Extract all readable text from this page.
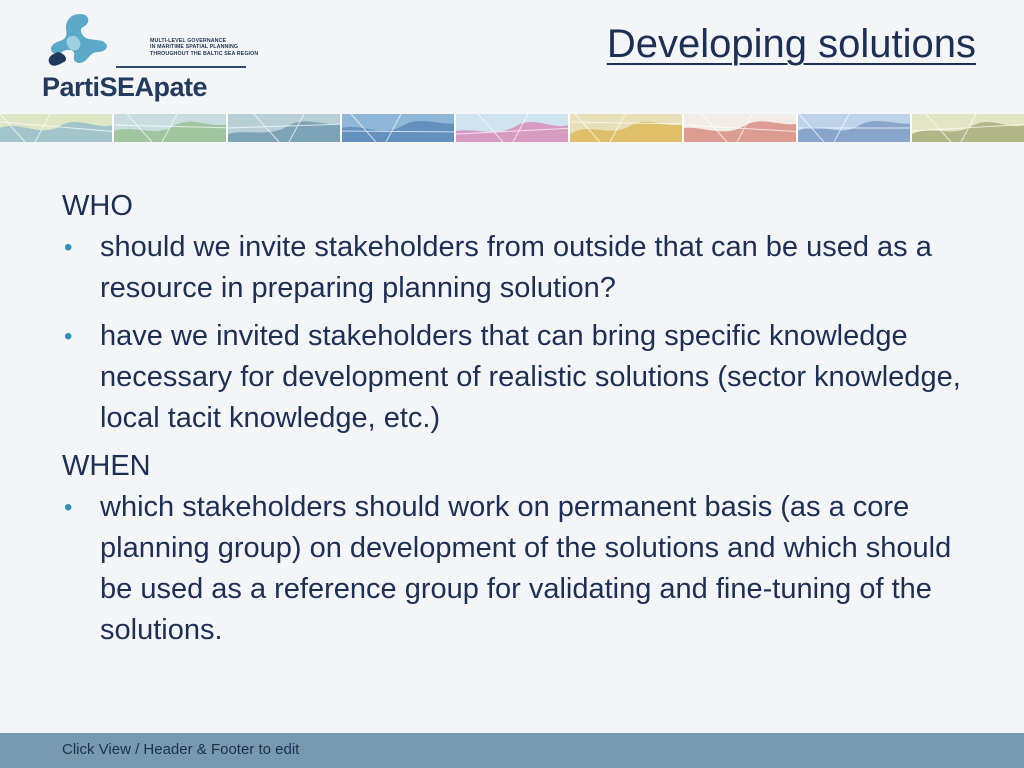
MULTI-LEVEL GOVERNANCE
IN MARITIME SPATIAL PLANNING
THROUGHOUT THE BALTIC SEA REGION
PartiSEApate
Developing solutions

WHO

• should we invite stakeholders from outside that can be used as a resource in preparing planning solution?
• have we invited stakeholders that can bring specific knowledge necessary for development of realistic solutions (sector knowledge, local tacit knowledge, etc.)

WHEN

• which stakeholders should work on permanent basis (as a core planning group) on development of the solutions and which should be used as a reference group for validating and fine-tuning of the solutions.
Click View / Header & Footer to edit
